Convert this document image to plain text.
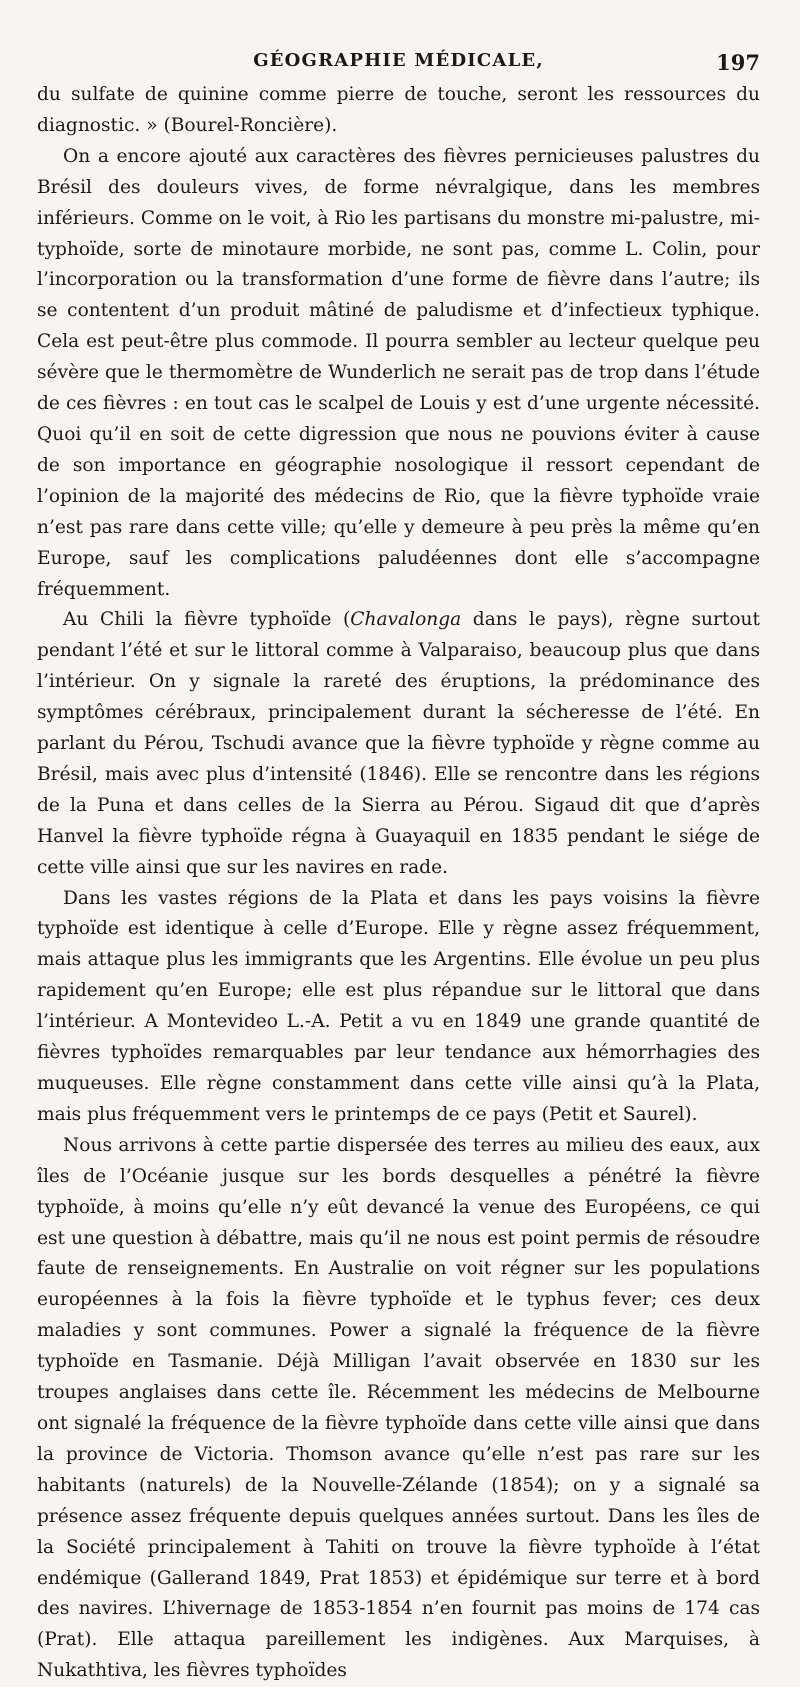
GÉOGRAPHIE MÉDICALE,	197

du sulfate de quinine comme pierre de touche, seront les ressources du diagnostic. » (Bourel-Roncière).

On a encore ajouté aux caractères des fièvres pernicieuses palustres du Brésil des douleurs vives, de forme névralgique, dans les membres inférieurs. Comme on le voit, à Rio les partisans du monstre mi-palustre, mi-typhoïde, sorte de minotaure morbide, ne sont pas, comme L. Colin, pour l’incorporation ou la transformation d’une forme de fièvre dans l’autre; ils se contentent d’un produit mâtiné de paludisme et d’infectieux typhique. Cela est peut-être plus commode. Il pourra sembler au lecteur quelque peu sévère que le thermomètre de Wunderlich ne serait pas de trop dans l’étude de ces fièvres : en tout cas le scalpel de Louis y est d’une urgente nécessité. Quoi qu’il en soit de cette digression que nous ne pouvions éviter à cause de son importance en géographie nosologique il ressort cependant de l’opinion de la majorité des médecins de Rio, que la fièvre typhoïde vraie n’est pas rare dans cette ville; qu’elle y demeure à peu près la même qu’en Europe, sauf les complications paludéennes dont elle s’accompagne fréquemment.

Au Chili la fièvre typhoïde (Chavalonga dans le pays), règne surtout pendant l’été et sur le littoral comme à Valparaiso, beaucoup plus que dans l’intérieur. On y signale la rareté des éruptions, la prédominance des symptômes cérébraux, principalement durant la sécheresse de l’été. En parlant du Pérou, Tschudi avance que la fièvre typhoïde y règne comme au Brésil, mais avec plus d’intensité (1846). Elle se rencontre dans les régions de la Puna et dans celles de la Sierra au Pérou. Sigaud dit que d’après Hanvel la fièvre typhoïde régna à Guayaquil en 1835 pendant le siége de cette ville ainsi que sur les navires en rade.

Dans les vastes régions de la Plata et dans les pays voisins la fièvre typhoïde est identique à celle d’Europe. Elle y règne assez fréquemment, mais attaque plus les immigrants que les Argentins. Elle évolue un peu plus rapidement qu’en Europe; elle est plus répandue sur le littoral que dans l’intérieur. A Montevideo L.-A. Petit a vu en 1849 une grande quantité de fièvres typhoïdes remarquables par leur tendance aux hémorrhagies des muqueuses. Elle règne constamment dans cette ville ainsi qu’à la Plata, mais plus fréquemment vers le printemps de ce pays (Petit et Saurel).

Nous arrivons à cette partie dispersée des terres au milieu des eaux, aux îles de l’Océanie jusque sur les bords desquelles a pénétré la fièvre typhoïde, à moins qu’elle n’y eût devancé la venue des Européens, ce qui est une question à débattre, mais qu’il ne nous est point permis de résoudre faute de renseignements. En Australie on voit régner sur les populations européennes à la fois la fièvre typhoïde et le typhus fever; ces deux maladies y sont communes. Power a signalé la fréquence de la fièvre typhoïde en Tasmanie. Déjà Milligan l’avait observée en 1830 sur les troupes anglaises dans cette île. Récemment les médecins de Melbourne ont signalé la fréquence de la fièvre typhoïde dans cette ville ainsi que dans la province de Victoria. Thomson avance qu’elle n’est pas rare sur les habitants (naturels) de la Nouvelle-Zélande (1854); on y a signalé sa présence assez fréquente depuis quelques années surtout. Dans les îles de la Société principalement à Tahiti on trouve la fièvre typhoïde à l’état endémique (Gallerand 1849, Prat 1853) et épidémique sur terre et à bord des navires. L’hivernage de 1853-1854 n’en fournit pas moins de 174 cas (Prat). Elle attaqua pareillement les indigènes. Aux Marquises, à Nukathtiva, les fièvres typhoïdes
